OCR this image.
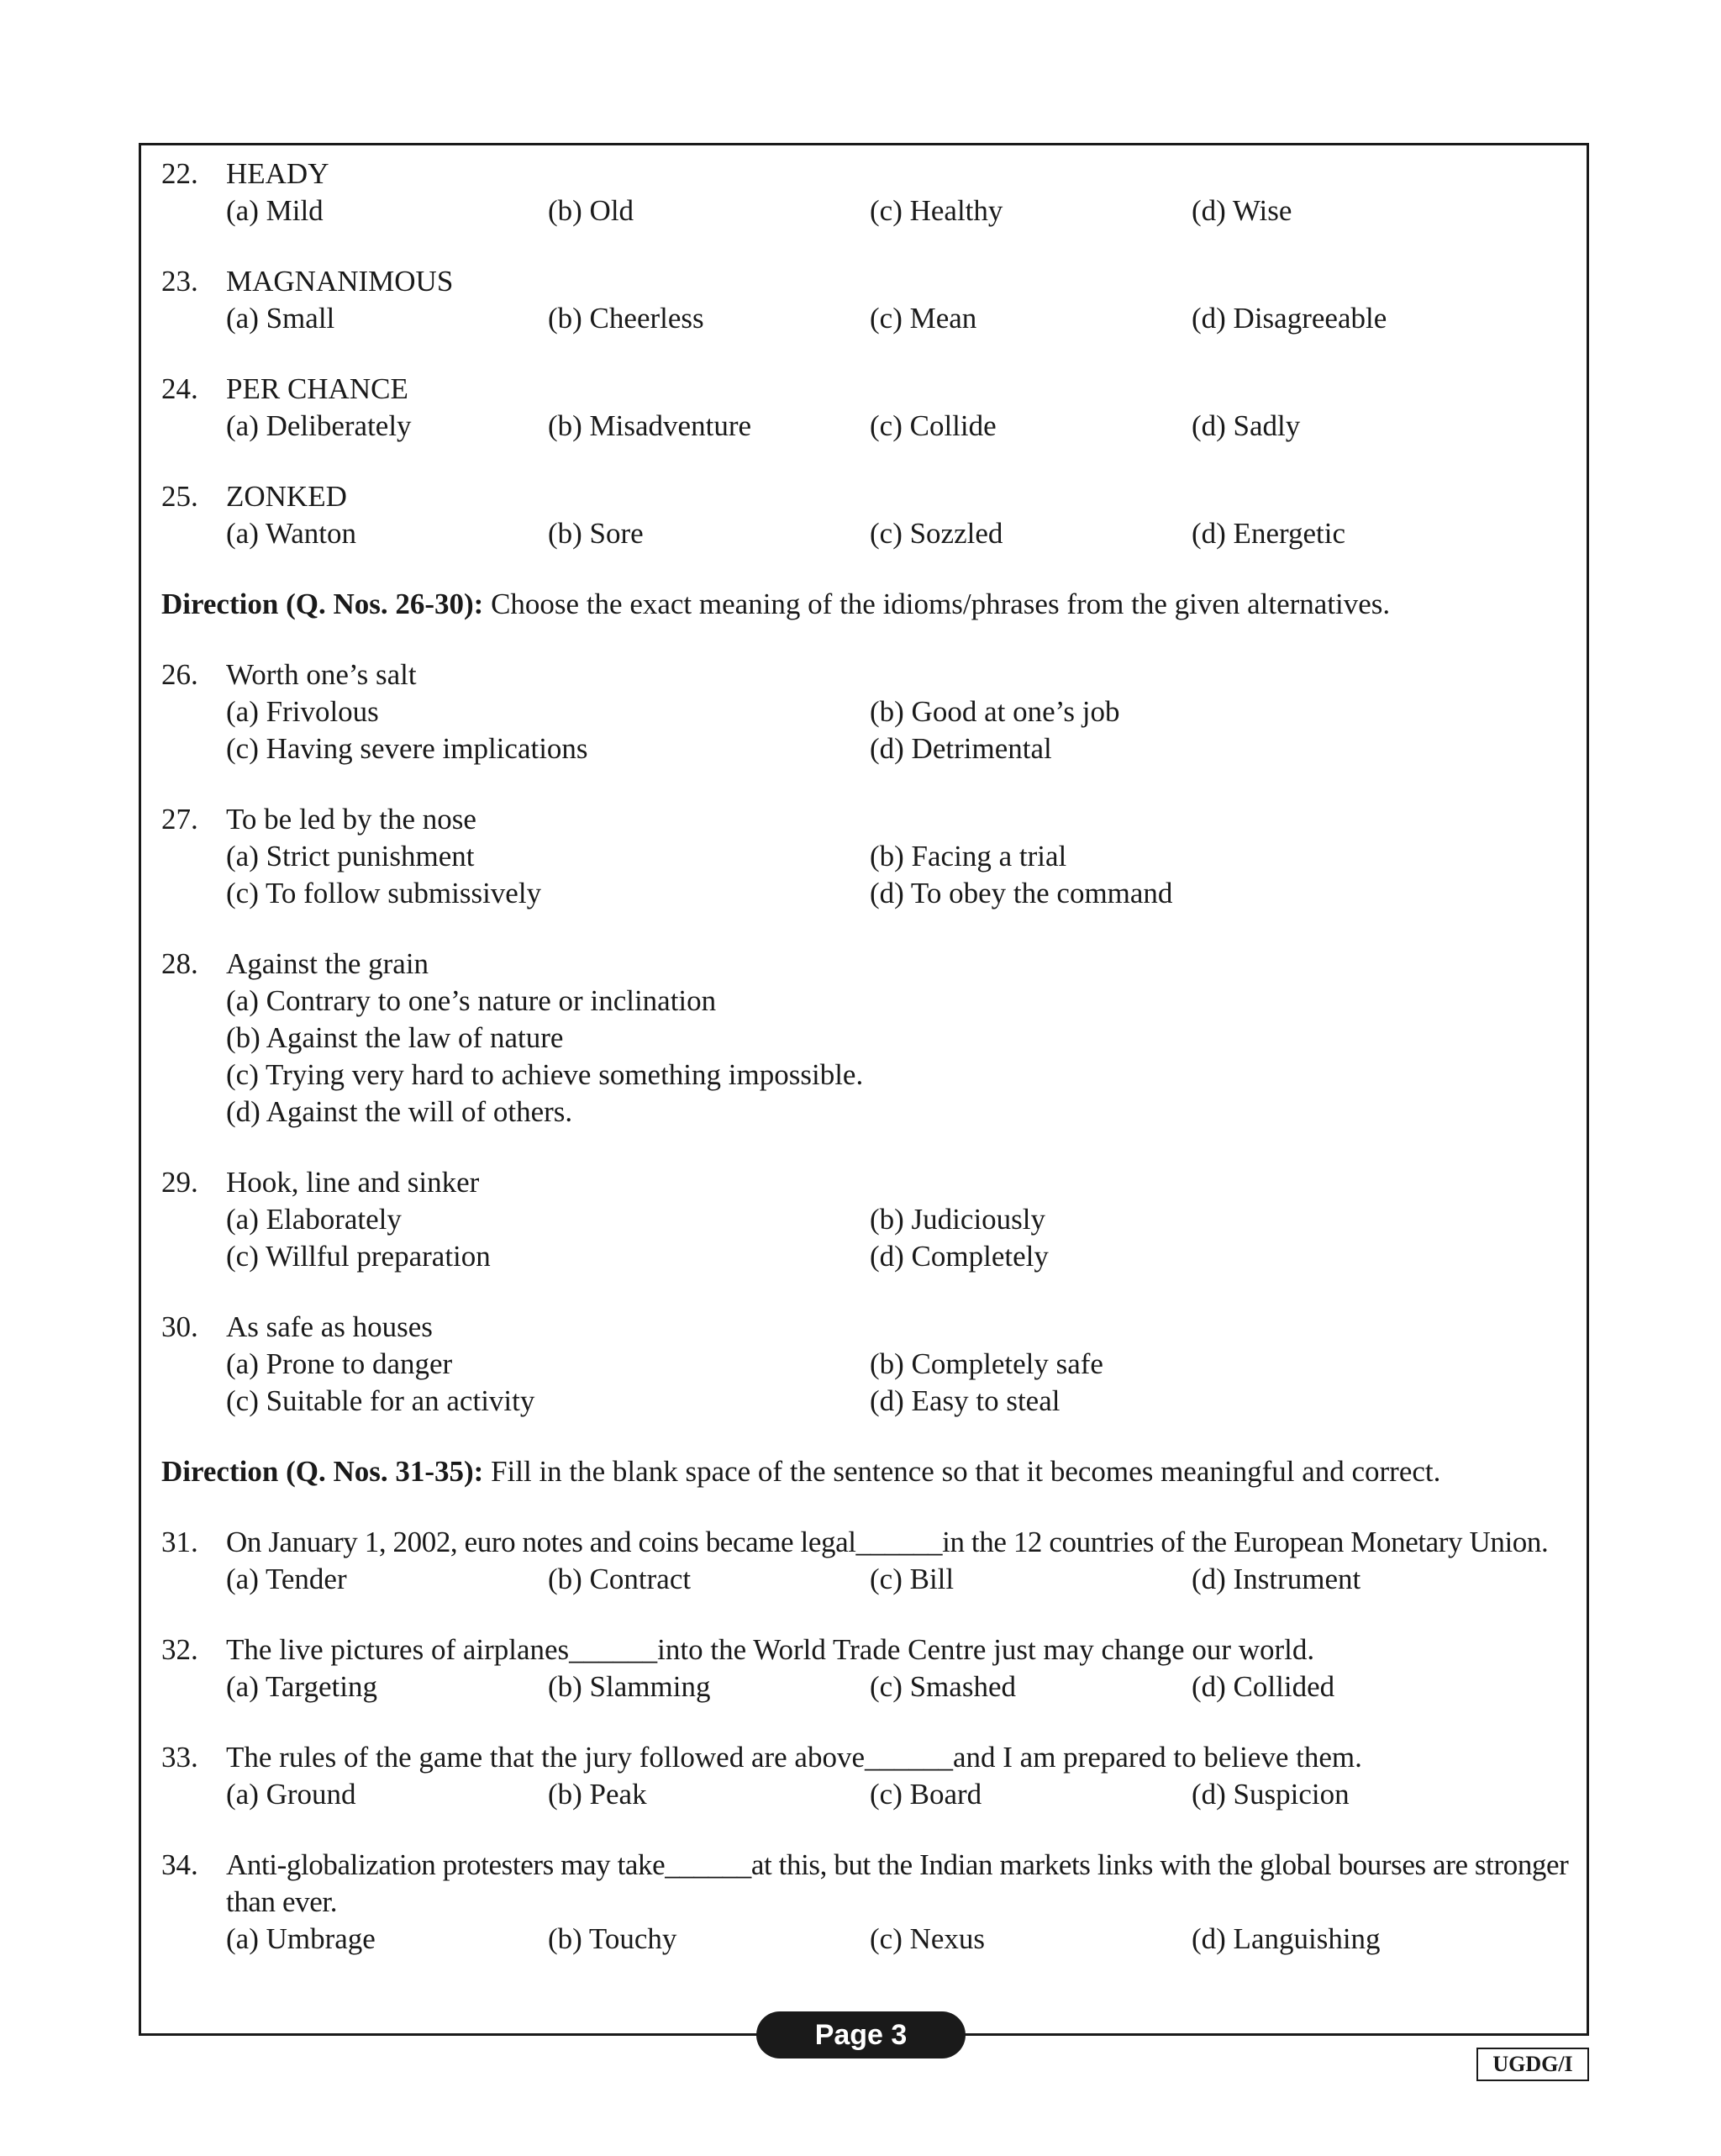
22. HEADY
(a) Mild	(b) Old	(c) Healthy	(d) Wise
23. MAGNANIMOUS
(a) Small	(b) Cheerless	(c) Mean	(d) Disagreeable
24. PER CHANCE
(a) Deliberately	(b) Misadventure	(c) Collide	(d) Sadly
25. ZONKED
(a) Wanton	(b) Sore	(c) Sozzled	(d) Energetic
Direction (Q. Nos. 26-30): Choose the exact meaning of the idioms/phrases from the given alternatives.
26. Worth one’s salt
(a) Frivolous	(b) Good at one’s job
(c) Having severe implications	(d) Detrimental
27. To be led by the nose
(a) Strict punishment	(b) Facing a trial
(c) To follow submissively	(d) To obey the command
28. Against the grain
(a) Contrary to one’s nature or inclination
(b) Against the law of nature
(c) Trying very hard to achieve something impossible.
(d) Against the will of others.
29. Hook, line and sinker
(a) Elaborately	(b) Judiciously
(c) Willful preparation	(d) Completely
30. As safe as houses
(a) Prone to danger	(b) Completely safe
(c) Suitable for an activity	(d) Easy to steal
Direction (Q. Nos. 31-35): Fill in the blank space of the sentence so that it becomes meaningful and correct.
31. On January 1, 2002, euro notes and coins became legal______in the 12 countries of the European Monetary Union.
(a) Tender	(b) Contract	(c) Bill	(d) Instrument
32. The live pictures of airplanes______into the World Trade Centre just may change our world.
(a) Targeting	(b) Slamming	(c) Smashed	(d) Collided
33. The rules of the game that the jury followed are above______and I am prepared to believe them.
(a) Ground	(b) Peak	(c) Board	(d) Suspicion
34. Anti-globalization protesters may take______at this, but the Indian markets links with the global bourses are stronger than ever.
(a) Umbrage	(b) Touchy	(c) Nexus	(d) Languishing
Page 3
UGDG/I
